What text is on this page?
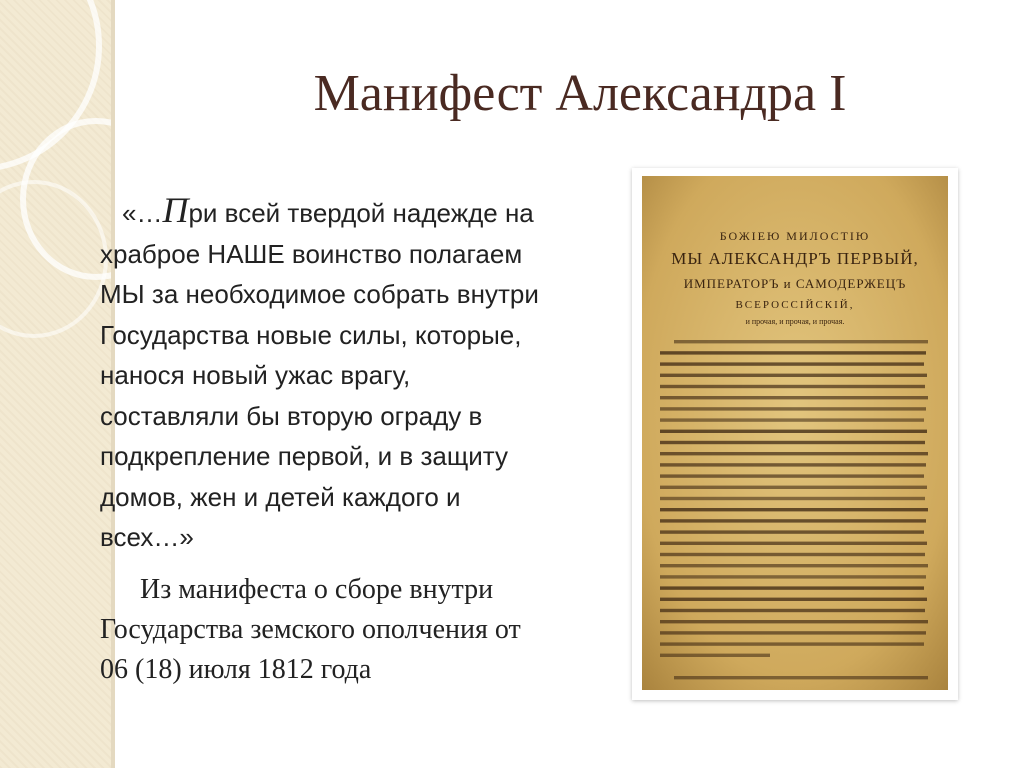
Манифест Александра I

«…При всей твердой надежде на
храброе НАШЕ воинство полагаем
МЫ за необходимое собрать внутри
Государства новые силы, которые,
нанося новый ужас врагу,
составляли бы вторую ограду в
подкрепление первой, и в защиту
домов, жен и детей каждого и
всех…»

Из манифеста о сборе внутри
Государства земского ополчения от
06 (18) июля 1812 года

БОЖIЕЮ МИЛОСТIЮ
МЫ АЛЕКСАНДРЪ ПЕРВЫЙ,
ИМПЕРАТОРЪ и САМОДЕРЖЕЦЪ
ВСЕРОССIЙСКIЙ,
и прочая, и прочая, и прочая.
